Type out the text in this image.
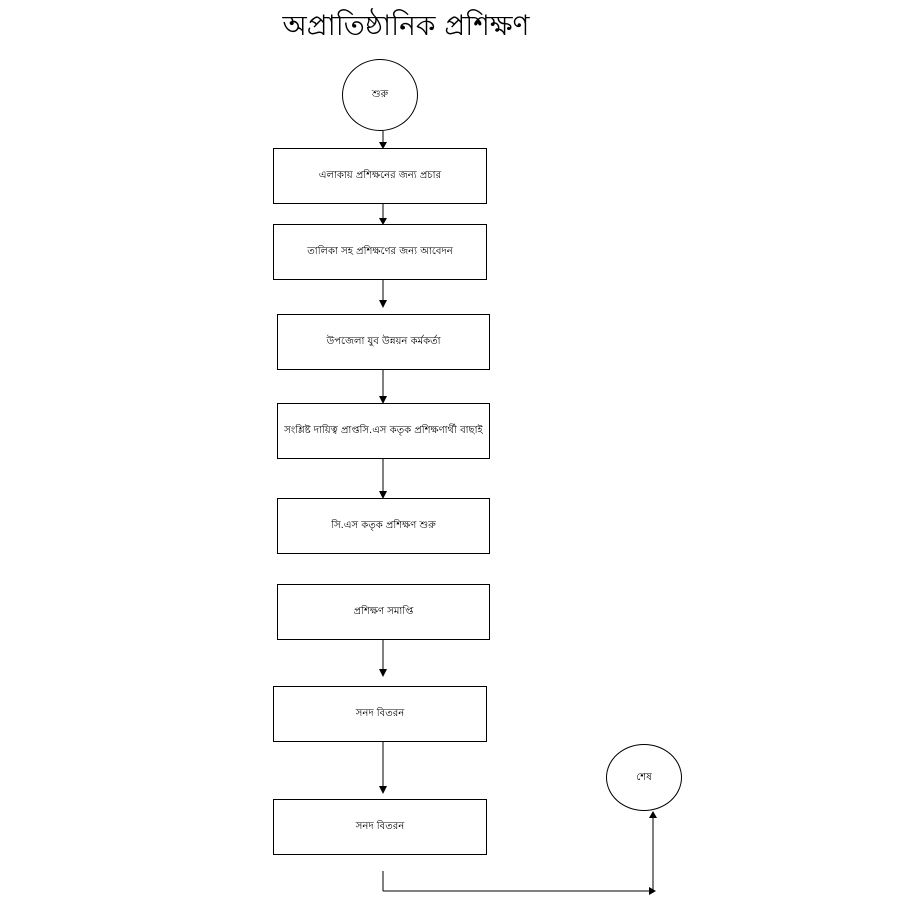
অপ্রাতিষ্ঠানিক প্রশিক্ষণ
শুরু
এলাকায় প্রশিক্ষনের জন্য প্রচার
তালিকা সহ প্রশিক্ষণের জন্য আবেদন
উপজেলা যুব উন্নয়ন কর্মকর্তা
সংশ্লিষ্ট দায়িত্ব প্রাপ্তসি.এস কতৃক প্রশিক্ষণার্থী বাছাই
সি.এস কতৃক প্রশিক্ষণ শুরু
প্রশিক্ষণ সমাপ্তি
সনদ বিতরন
সনদ বিতরন
শেষ
